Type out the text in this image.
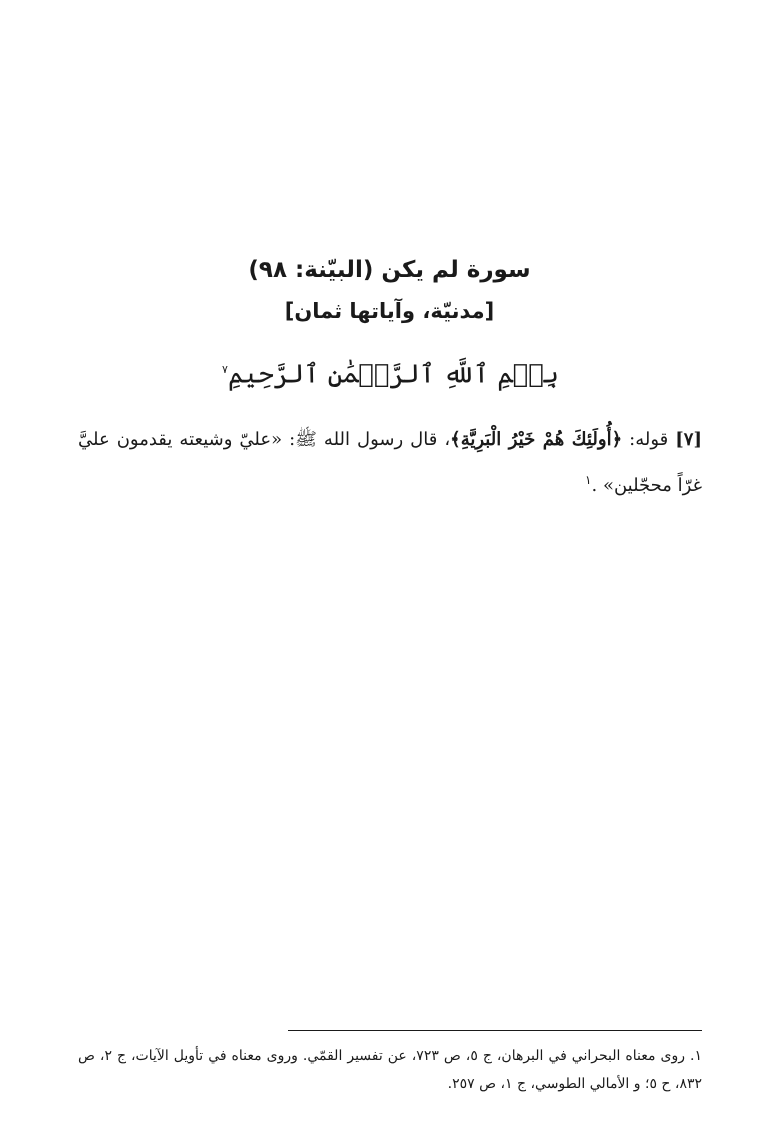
سورة لم يكن (البيّنة: ٩٨)
[مدنيّة، وآياتها ثمان]
بِسۡمِ ٱللَّهِ ٱلرَّحۡمَٰنِ ٱلرَّحِيمِ$^٧$
[٧] قوله: ﴿أُولَئِكَ هُمْ خَيْرُ الْبَرِيَّةِ﴾، قال رسول الله ﷺ: «عليّ وشيعته يقدمون عليَّ غرّاً محجّلين» .$^١$
١. روى معناه البحراني في البرهان، ج ٥، ص ٧٢٣، عن تفسير القمّي. وروى معناه في تأويل الآيات، ج ٢، ص ٨٣٢، ح ٥؛ و الأمالي الطوسي، ج ١، ص ٢٥٧.
